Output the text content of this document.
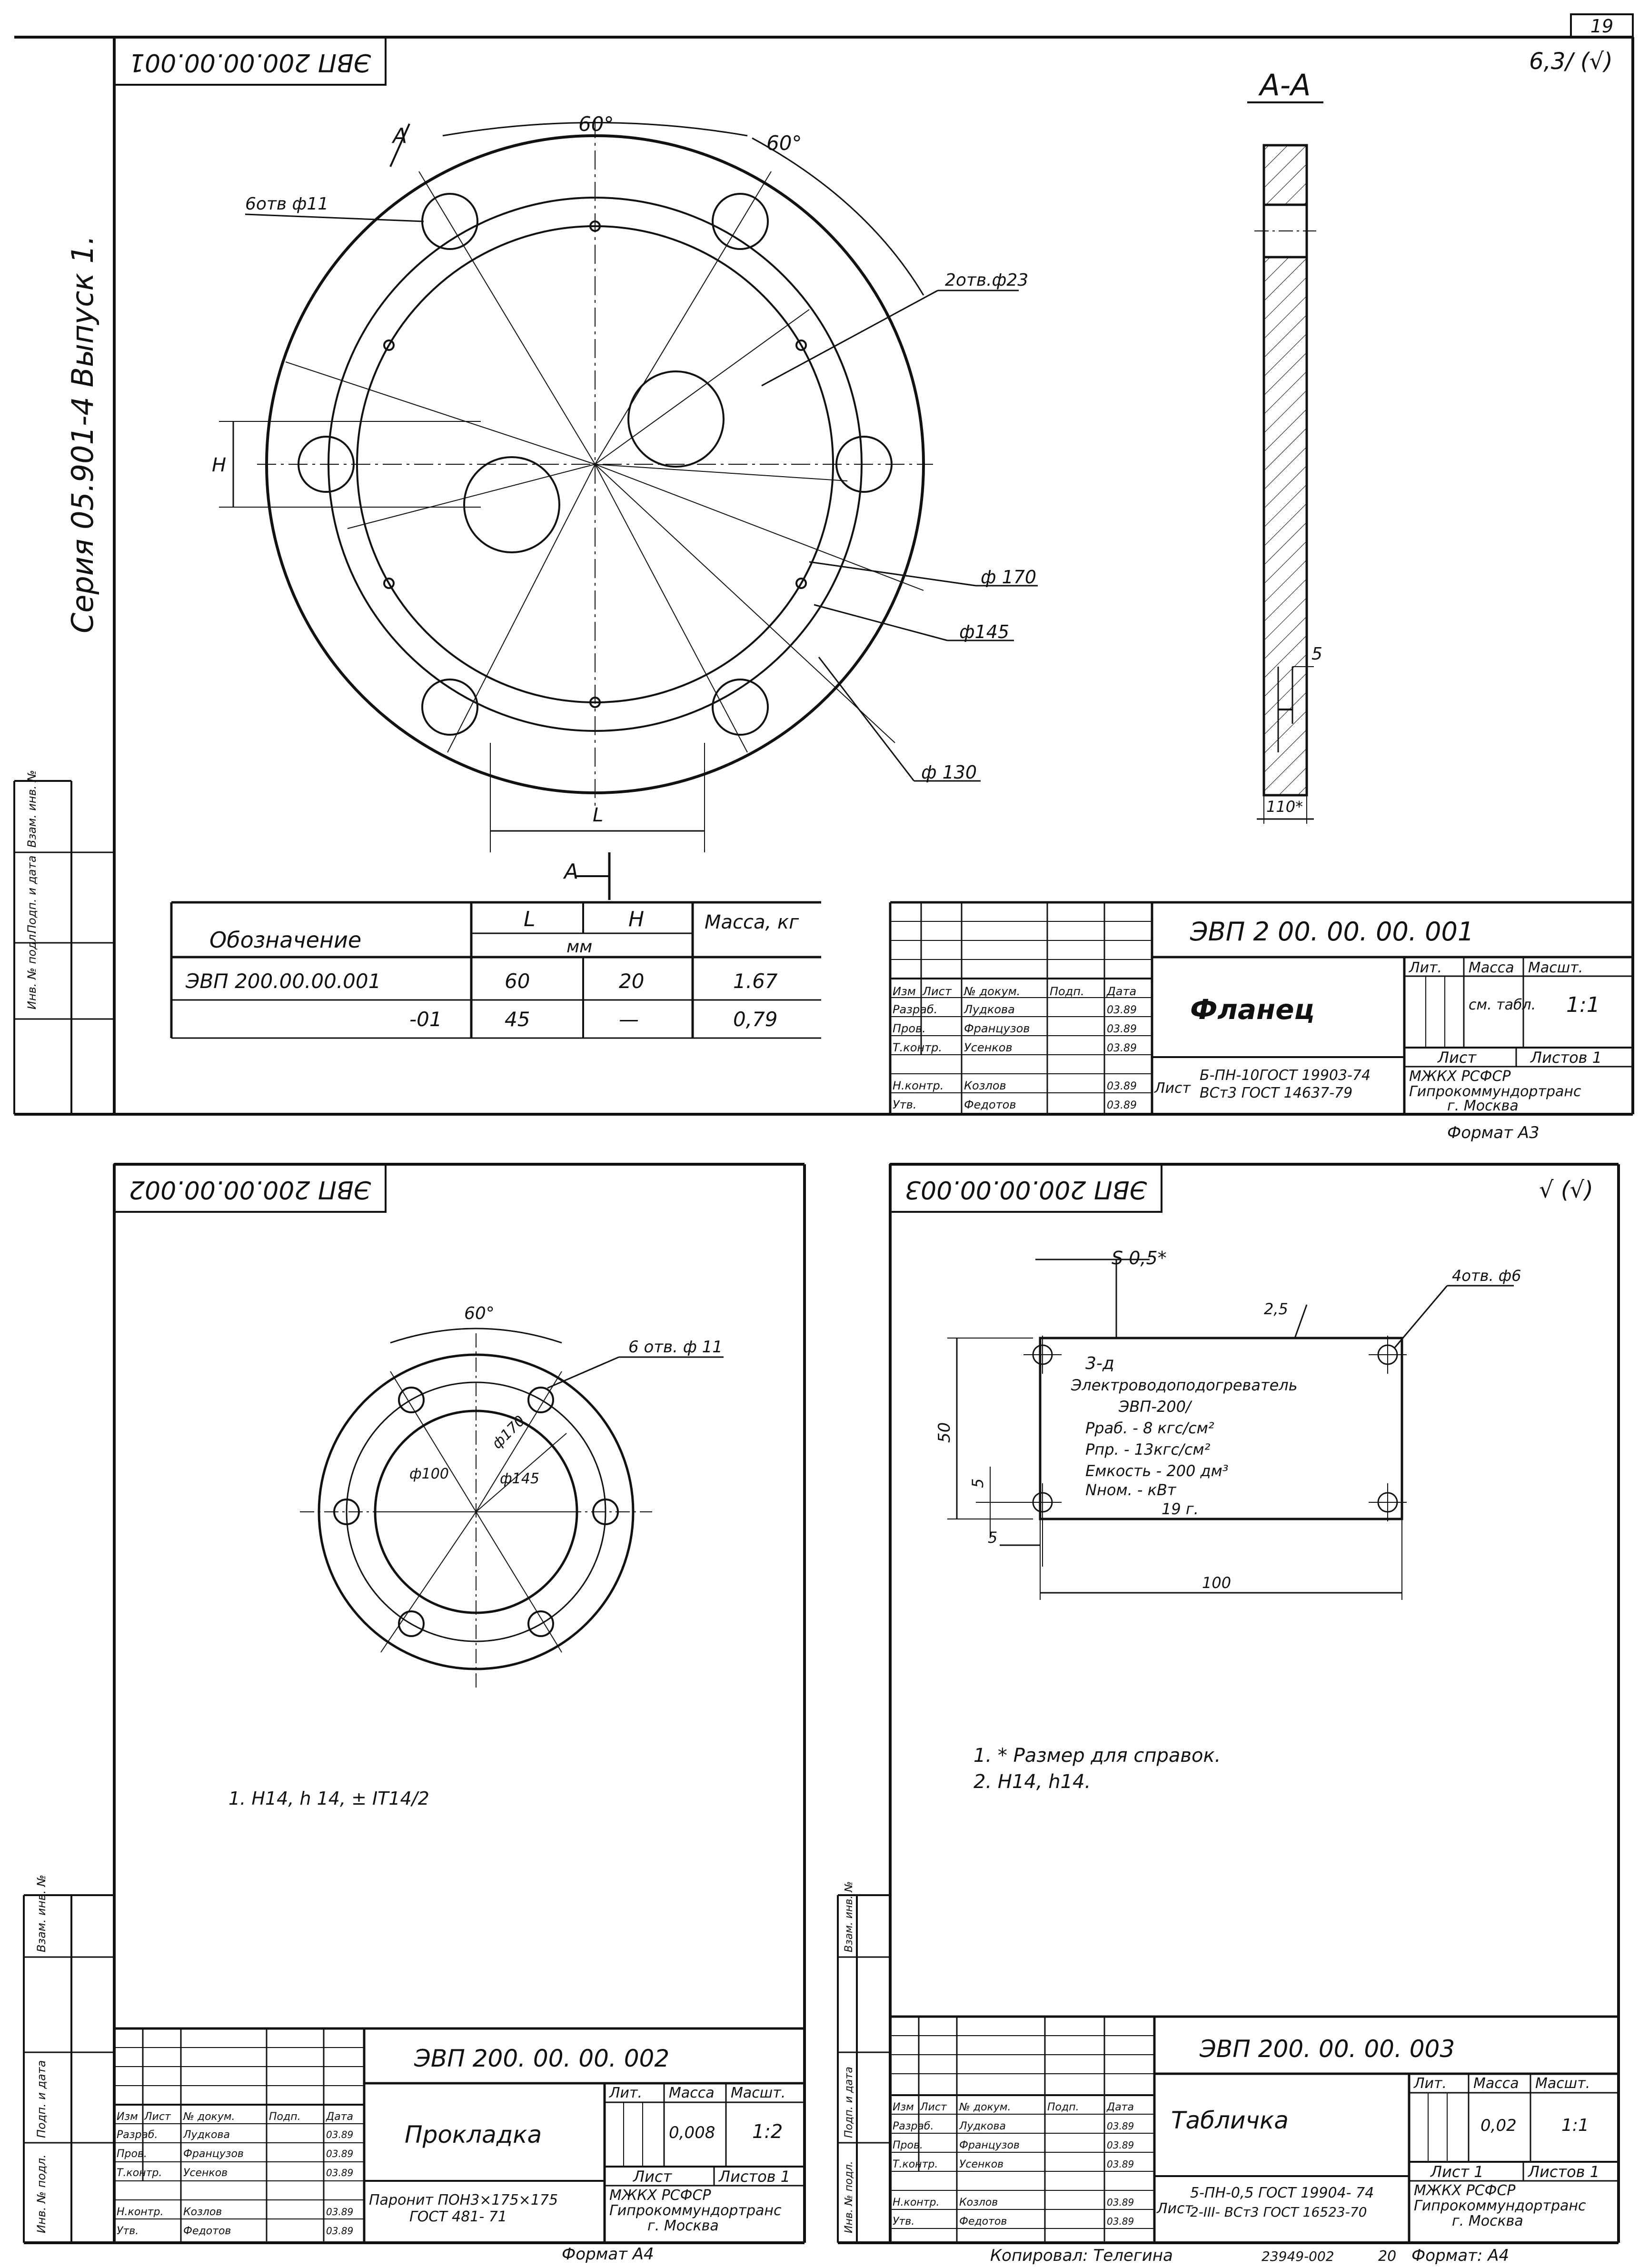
19
Инв. № подл.
Подп. и дата
Взам. инв. №
Серия 05.901-4 Выпуск 1.
ЭВП 200.00.00.001	6,3/ (√)
А
А
60°
60°
6отв ф11
2отв.ф23
ф 170
ф145
ф 130
Н
L
А-А
5
110*
Обозначение
L	Н	Масса, кг
мм
ЭВП 200.00.00.001	60	20	1.67
-01	45	—	0,79
ЭВП 2 00. 00. 00. 001
Фланец
Лит. Масса Масшт.
см. табл. 1:1
Лист	Листов 1
Б-ПН-10ГОСТ 19903-74
Лист ВСт3 ГОСТ 14637-79
МЖКХ РСФСР
Гипрокоммундортранс
г. Москва
Формат А3
Изм Лист № докум.	Подп. Дата
Разраб. Лудкова	03.89
Пров.	Французов	03.89
Т.контр. Усенков	03.89
Н.контр. Козлов	03.89
Утв.	Федотов	03.89
Инв. № подл.
Подп. и дата
Взам. инв. №
ЭВП 200.00.00.002
60°
6 отв. ф 11
ф100
ф170
ф145
1. Н14, h 14, ± IT14/2
ЭВП 200. 00. 00. 002
Прокладка
Лит. Масса Масшт.
0,008 1:2
Лист	Листов 1
Паронит ПОН3×175×175
ГОСТ 481- 71
МЖКХ РСФСР
Гипрокоммундортранс
г. Москва
Формат А4
Изм Лист № докум.	Подп. Дата
Разраб. Лудкова	03.89
Пров.	Французов	03.89
Т.контр. Усенков	03.89
Н.контр. Козлов	03.89
Утв.	Федотов	03.89	Инв. № подл.
Подп. и дата
Взам. инв. №
ЭВП 200.00.00.003	√ (√)
S 0,5*
2,5
4отв. ф6
3-д
Электроводоподогреватель
ЭВП-200/
Рраб. - 8 кгс/см²
Рпр. - 13кгс/см²
Емкость - 200 дм³
Nном. - кВт
19 г.
50
5
5
100
1. * Размер для справок.
2. Н14, h14.
ЭВП 200. 00. 00. 003
Табличка
Лит. Масса Масшт.
0,02	1:1
Лист 1	Листов 1
5-ПН-0,5 ГОСТ 19904- 74
Лист
2-III- ВСт3 ГОСТ 16523-70
МЖКХ РСФСР
Гипрокоммундортранс
г. Москва
Изм Лист № докум.	Подп.	Дата
Разраб. Лудкова	03.89
Пров.	Французов	03.89
Т.контр. Усенков	03.89
Н.контр. Козлов	03.89
Утв.	Федотов	03.89
Копировал: Телегина	23949-002	20 Формат: А4
